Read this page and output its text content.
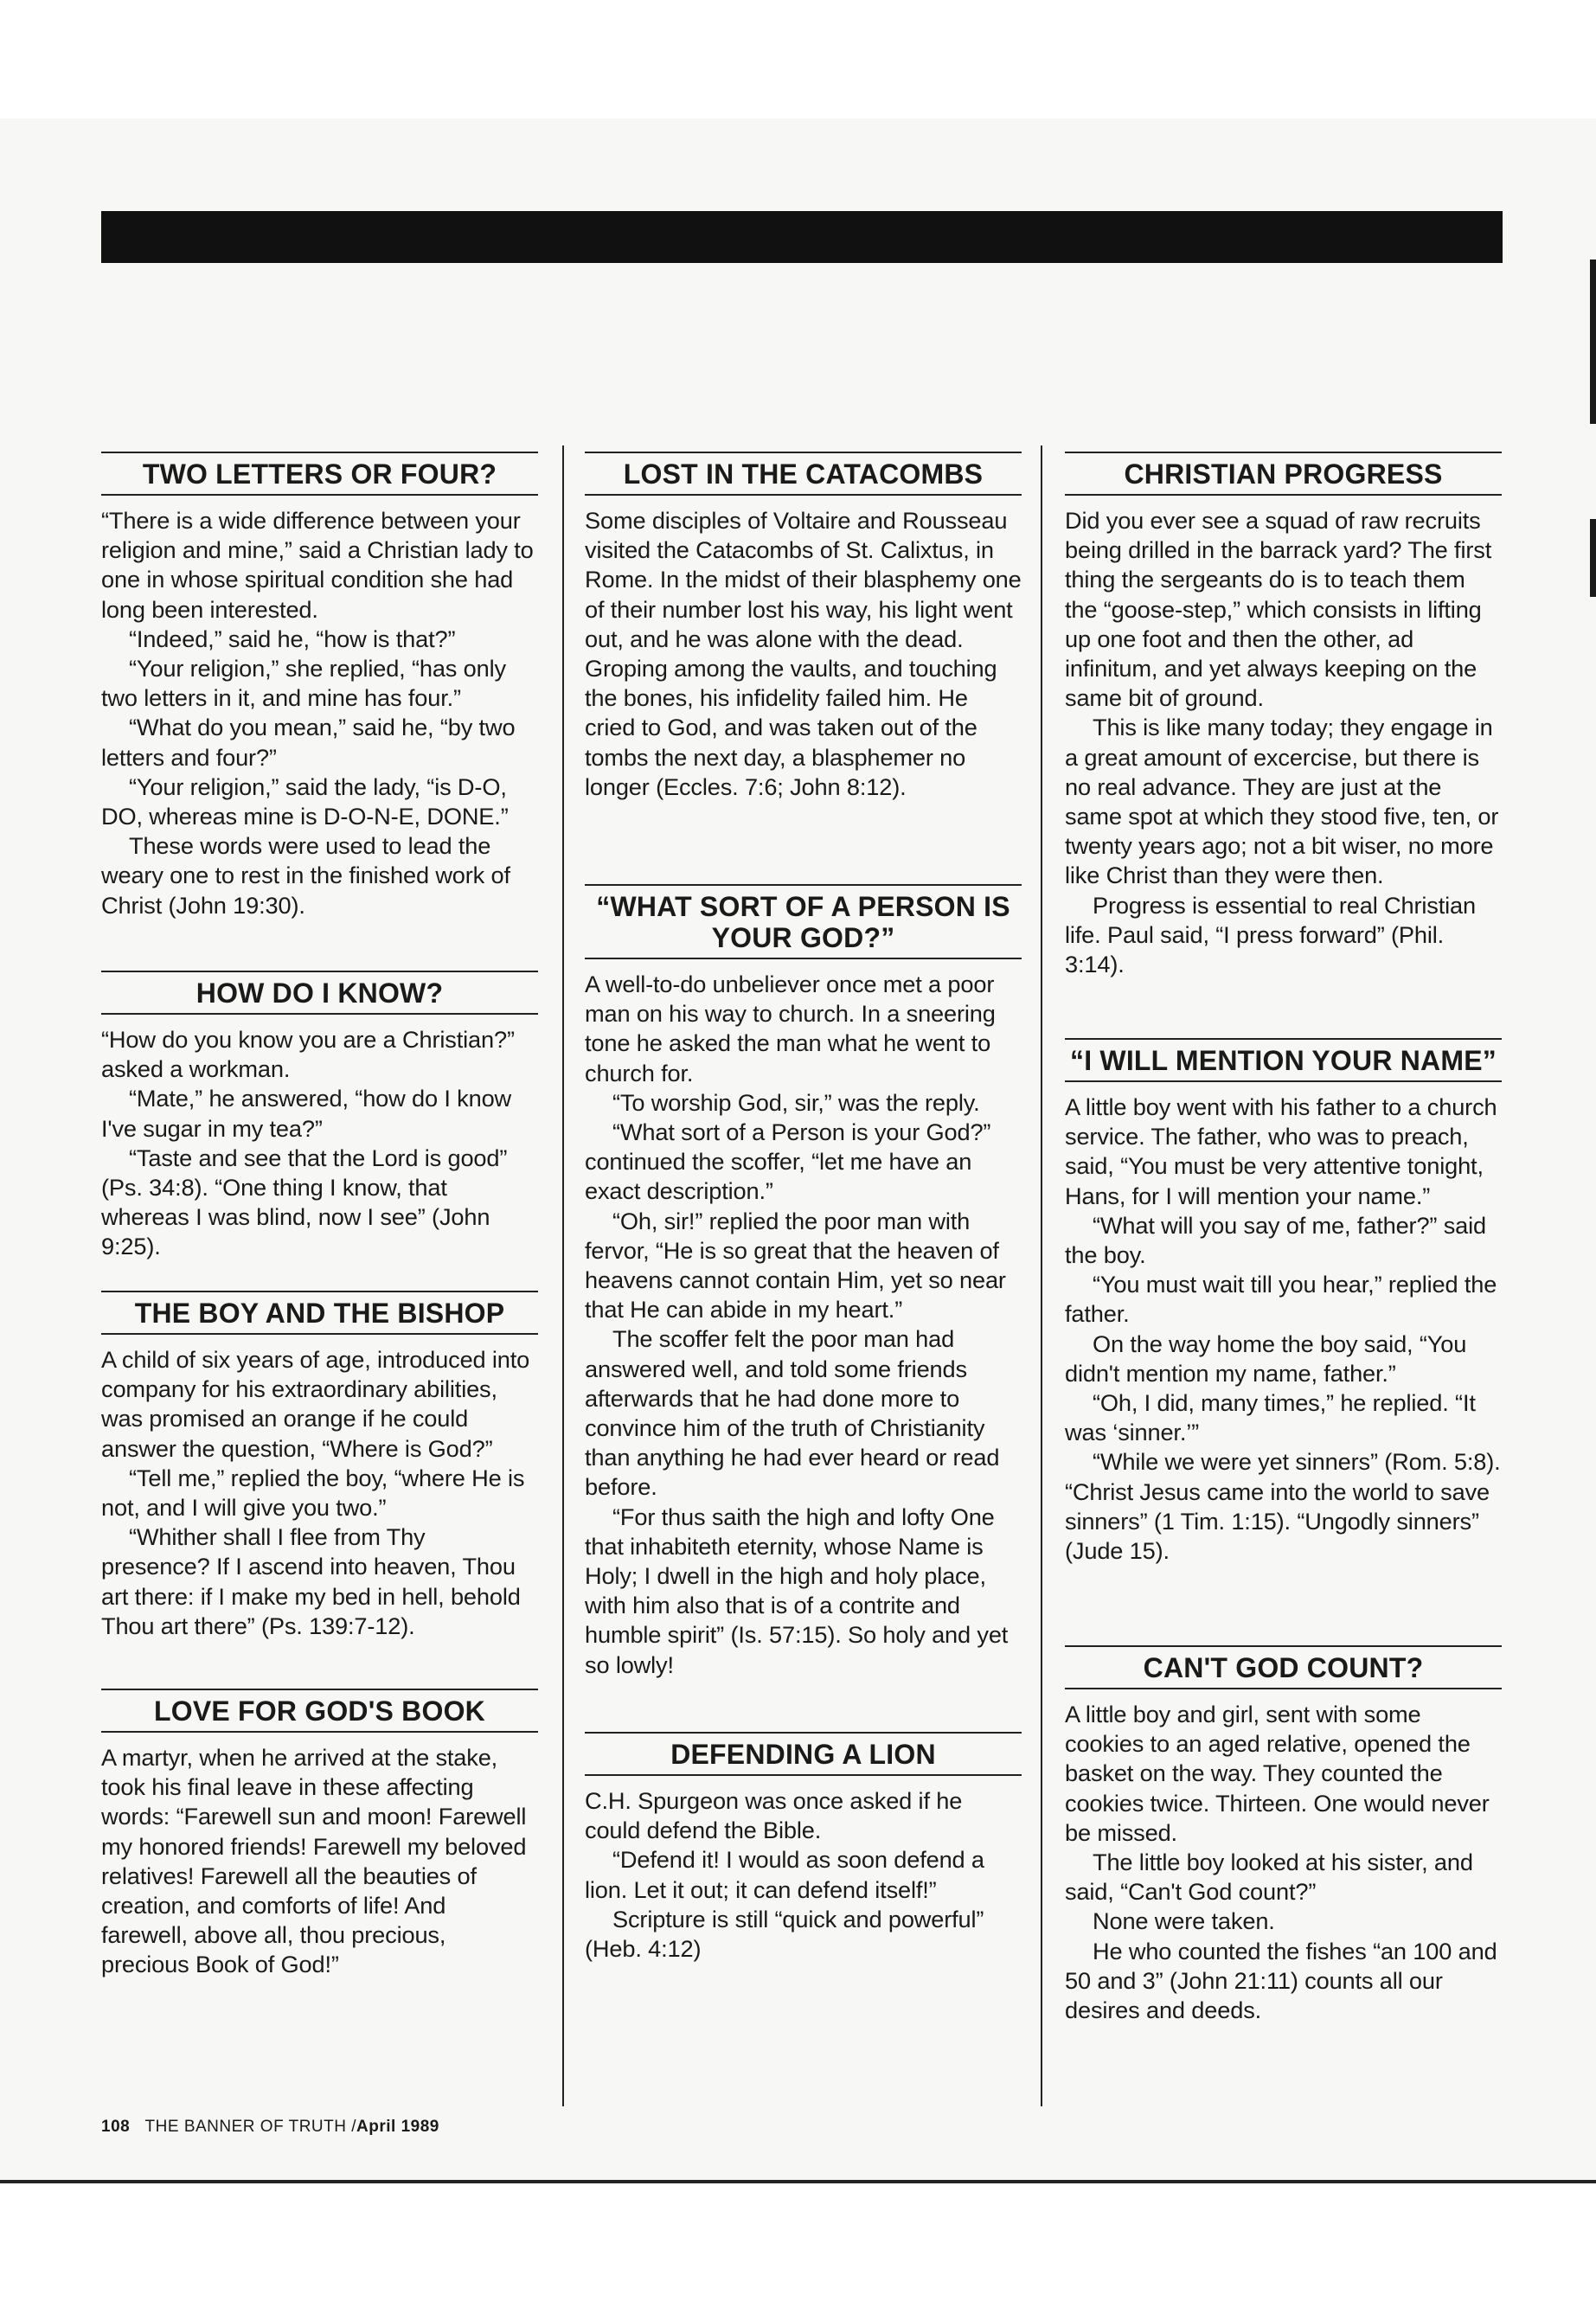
TWO LETTERS OR FOUR?

“There is a wide difference between your religion and mine,” said a Christian lady to one in whose spiritual condition she had long been interested.

“Indeed,” said he, “how is that?”

“Your religion,” she replied, “has only two letters in it, and mine has four.”

“What do you mean,” said he, “by two letters and four?”

“Your religion,” said the lady, “is D-O, DO, whereas mine is D-O-N-E, DONE.”

These words were used to lead the weary one to rest in the finished work of Christ (John 19:30).

HOW DO I KNOW?

“How do you know you are a Christian?” asked a workman.

“Mate,” he answered, “how do I know I've sugar in my tea?”

“Taste and see that the Lord is good” (Ps. 34:8). “One thing I know, that whereas I was blind, now I see” (John 9:25).

THE BOY AND THE BISHOP

A child of six years of age, introduced into company for his extraordinary abilities, was promised an orange if he could answer the question, “Where is God?”

“Tell me,” replied the boy, “where He is not, and I will give you two.”

“Whither shall I flee from Thy presence? If I ascend into heaven, Thou art there: if I make my bed in hell, behold Thou art there” (Ps. 139:7-12).

LOVE FOR GOD'S BOOK

A martyr, when he arrived at the stake, took his final leave in these affecting words: “Farewell sun and moon! Farewell my honored friends! Farewell my beloved relatives! Farewell all the beauties of creation, and comforts of life! And farewell, above all, thou precious, precious Book of God!”

LOST IN THE CATACOMBS

Some disciples of Voltaire and Rousseau visited the Catacombs of St. Calixtus, in Rome. In the midst of their blasphemy one of their number lost his way, his light went out, and he was alone with the dead. Groping among the vaults, and touching the bones, his infidelity failed him. He cried to God, and was taken out of the tombs the next day, a blasphemer no longer (Eccles. 7:6; John 8:12).

“WHAT SORT OF A PERSON IS YOUR GOD?”

A well-to-do unbeliever once met a poor man on his way to church. In a sneering tone he asked the man what he went to church for.

“To worship God, sir,” was the reply.

“What sort of a Person is your God?” continued the scoffer, “let me have an exact description.”

“Oh, sir!” replied the poor man with fervor, “He is so great that the heaven of heavens cannot contain Him, yet so near that He can abide in my heart.”

The scoffer felt the poor man had answered well, and told some friends afterwards that he had done more to convince him of the truth of Christianity than anything he had ever heard or read before.

“For thus saith the high and lofty One that inhabiteth eternity, whose Name is Holy; I dwell in the high and holy place, with him also that is of a contrite and humble spirit” (Is. 57:15). So holy and yet so lowly!

DEFENDING A LION

C.H. Spurgeon was once asked if he could defend the Bible.

“Defend it! I would as soon defend a lion. Let it out; it can defend itself!”

Scripture is still “quick and powerful” (Heb. 4:12)

CHRISTIAN PROGRESS

Did you ever see a squad of raw recruits being drilled in the barrack yard? The first thing the sergeants do is to teach them the “goose-step,” which consists in lifting up one foot and then the other, ad infinitum, and yet always keeping on the same bit of ground.

This is like many today; they engage in a great amount of excercise, but there is no real advance. They are just at the same spot at which they stood five, ten, or twenty years ago; not a bit wiser, no more like Christ than they were then.

Progress is essential to real Christian life. Paul said, “I press forward” (Phil. 3:14).

“I WILL MENTION YOUR NAME”

A little boy went with his father to a church service. The father, who was to preach, said, “You must be very attentive tonight, Hans, for I will mention your name.”

“What will you say of me, father?” said the boy.

“You must wait till you hear,” replied the father.

On the way home the boy said, “You didn't mention my name, father.”

“Oh, I did, many times,” he replied. “It was ‘sinner.’”

“While we were yet sinners” (Rom. 5:8). “Christ Jesus came into the world to save sinners” (1 Tim. 1:15). “Ungodly sinners” (Jude 15).

CAN'T GOD COUNT?

A little boy and girl, sent with some cookies to an aged relative, opened the basket on the way. They counted the cookies twice. Thirteen. One would never be missed.

The little boy looked at his sister, and said, “Can't God count?”

None were taken.

He who counted the fishes “an 100 and 50 and 3” (John 21:11) counts all our desires and deeds.

108 THE BANNER OF TRUTH /April 1989
